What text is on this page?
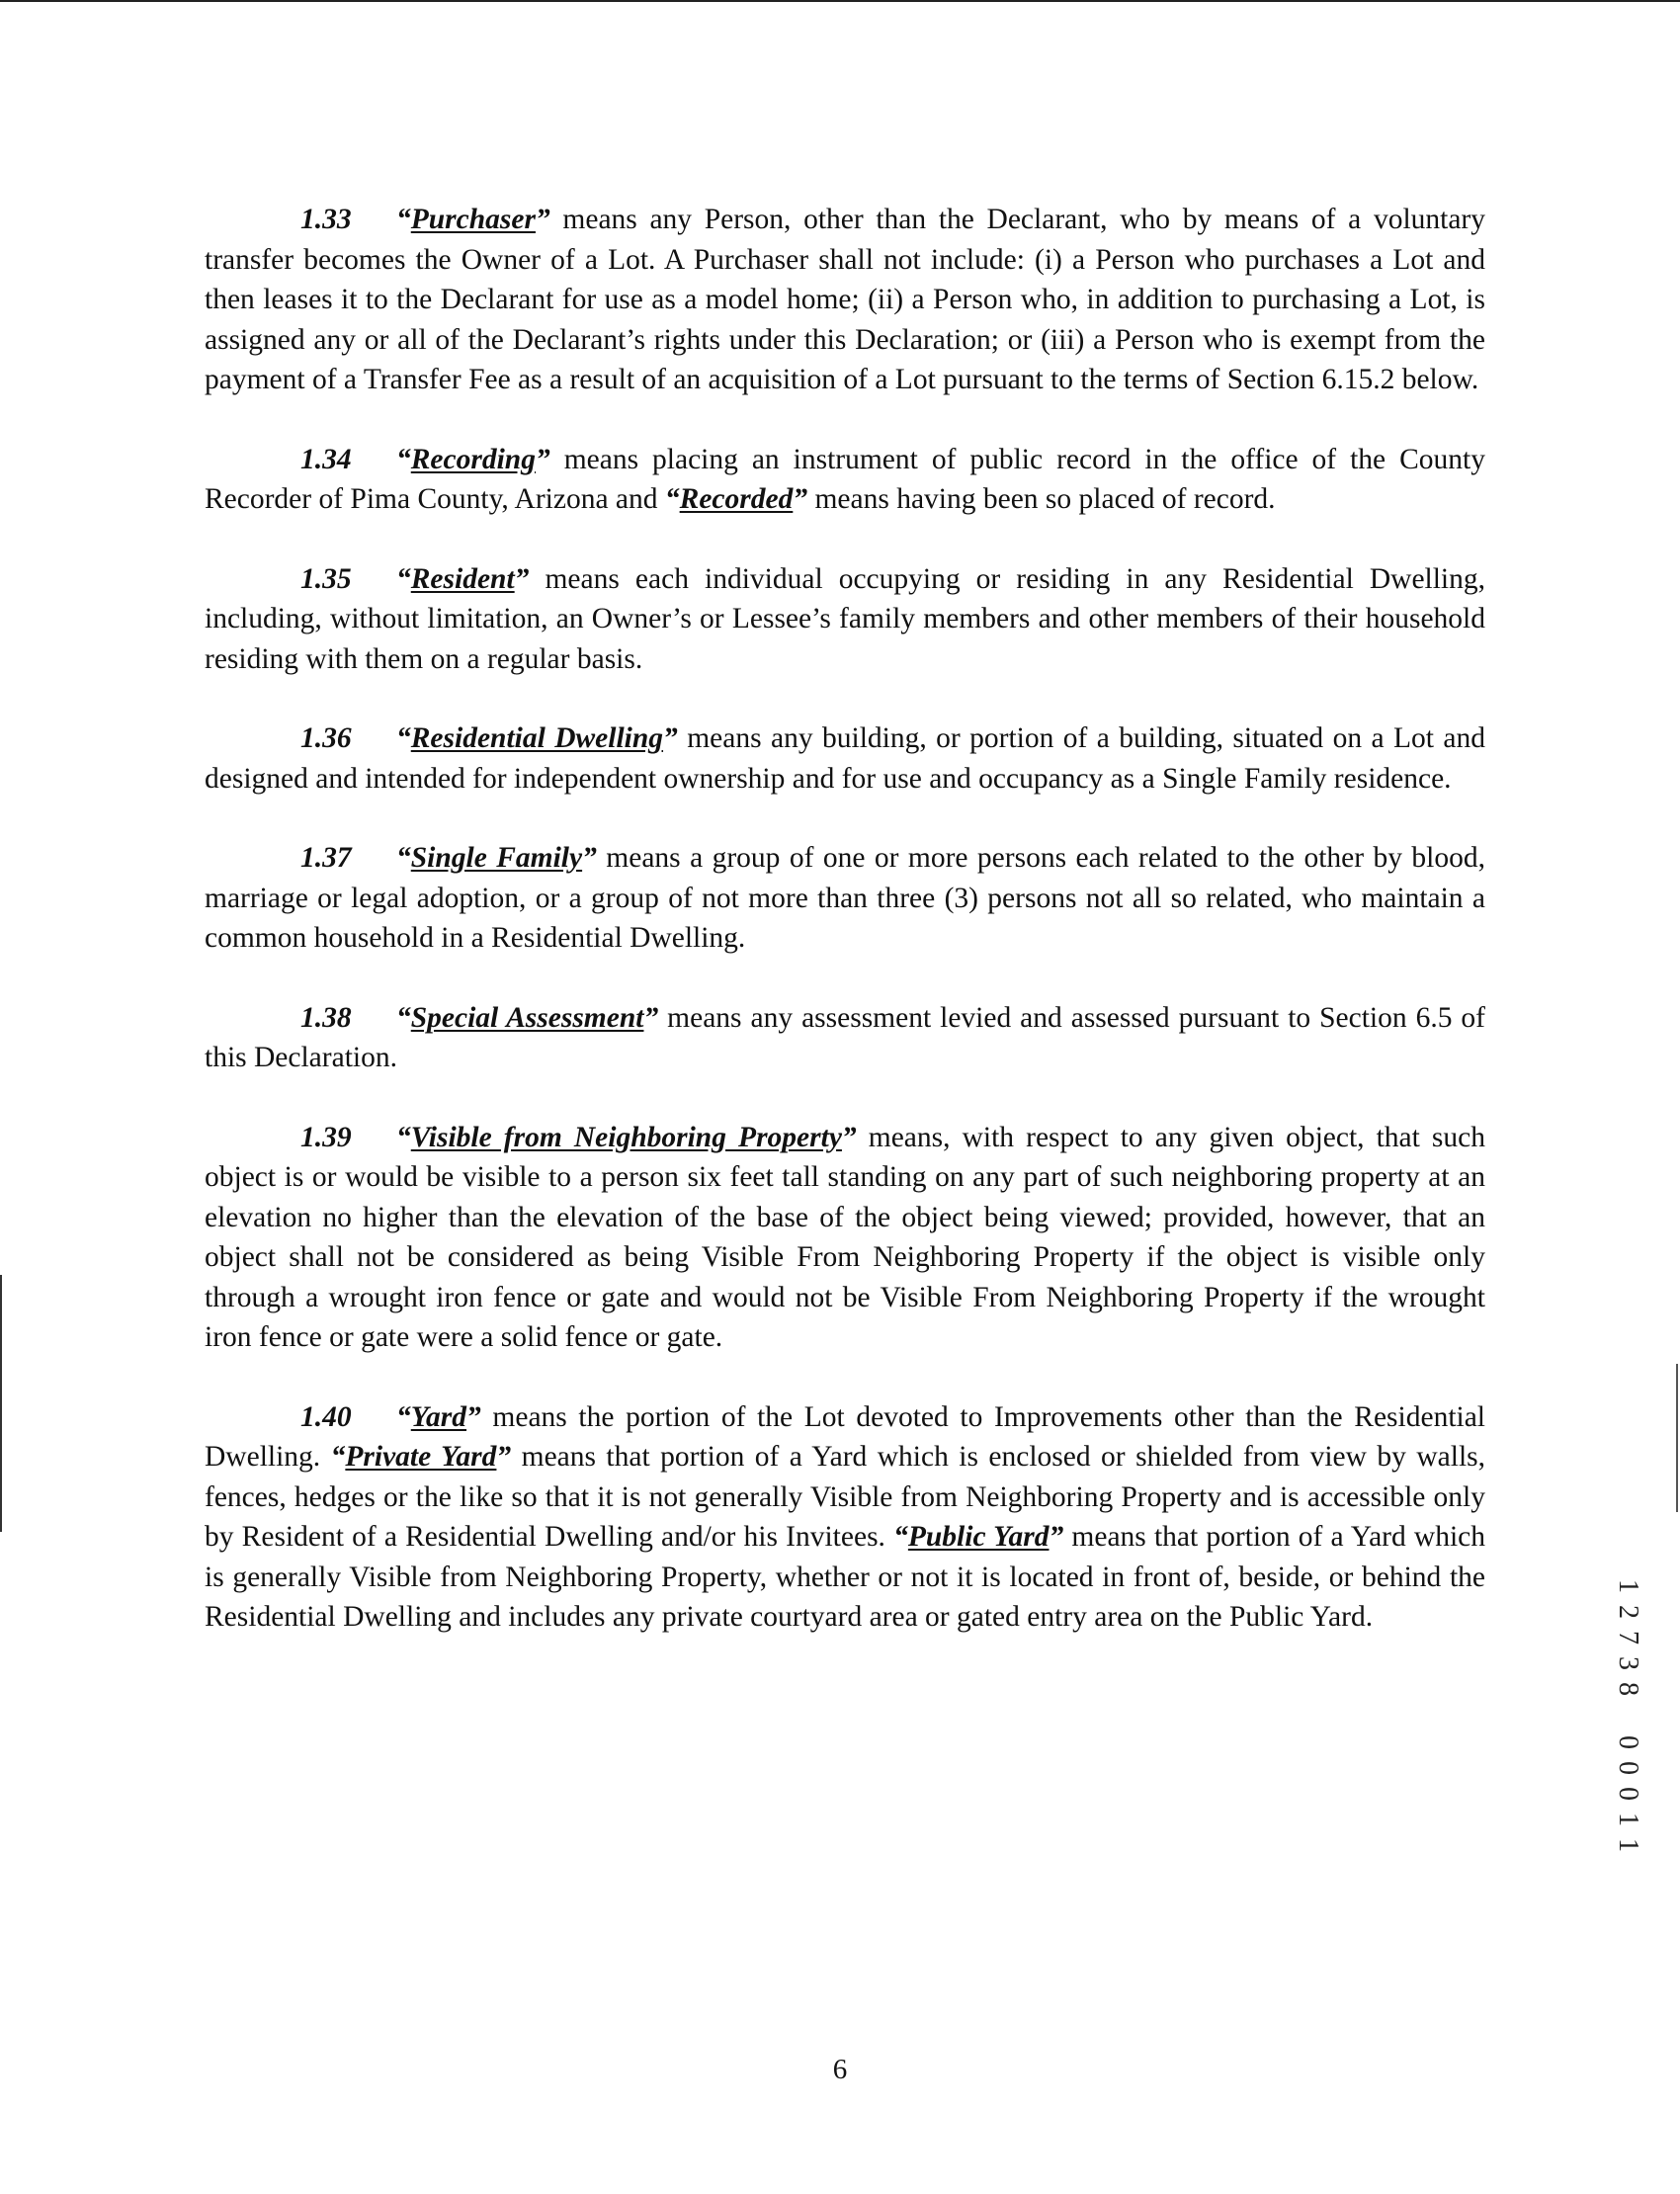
1.33 “Purchaser” means any Person, other than the Declarant, who by means of a voluntary transfer becomes the Owner of a Lot. A Purchaser shall not include: (i) a Person who purchases a Lot and then leases it to the Declarant for use as a model home; (ii) a Person who, in addition to purchasing a Lot, is assigned any or all of the Declarant’s rights under this Declaration; or (iii) a Person who is exempt from the payment of a Transfer Fee as a result of an acquisition of a Lot pursuant to the terms of Section 6.15.2 below.

1.34 “Recording” means placing an instrument of public record in the office of the County Recorder of Pima County, Arizona and “Recorded” means having been so placed of record.

1.35 “Resident” means each individual occupying or residing in any Residential Dwelling, including, without limitation, an Owner’s or Lessee’s family members and other members of their household residing with them on a regular basis.

1.36 “Residential Dwelling” means any building, or portion of a building, situated on a Lot and designed and intended for independent ownership and for use and occupancy as a Single Family residence.

1.37 “Single Family” means a group of one or more persons each related to the other by blood, marriage or legal adoption, or a group of not more than three (3) persons not all so related, who maintain a common household in a Residential Dwelling.

1.38 “Special Assessment” means any assessment levied and assessed pursuant to Section 6.5 of this Declaration.

1.39 “Visible from Neighboring Property” means, with respect to any given object, that such object is or would be visible to a person six feet tall standing on any part of such neighboring property at an elevation no higher than the elevation of the base of the object being viewed; provided, however, that an object shall not be considered as being Visible From Neighboring Property if the object is visible only through a wrought iron fence or gate and would not be Visible From Neighboring Property if the wrought iron fence or gate were a solid fence or gate.

1.40 “Yard” means the portion of the Lot devoted to Improvements other than the Residential Dwelling. “Private Yard” means that portion of a Yard which is enclosed or shielded from view by walls, fences, hedges or the like so that it is not generally Visible from Neighboring Property and is accessible only by Resident of a Residential Dwelling and/or his Invitees. “Public Yard” means that portion of a Yard which is generally Visible from Neighboring Property, whether or not it is located in front of, beside, or behind the Residential Dwelling and includes any private courtyard area or gated entry area on the Public Yard.

1
2
7
3
8
0
0
0
1
1
6
